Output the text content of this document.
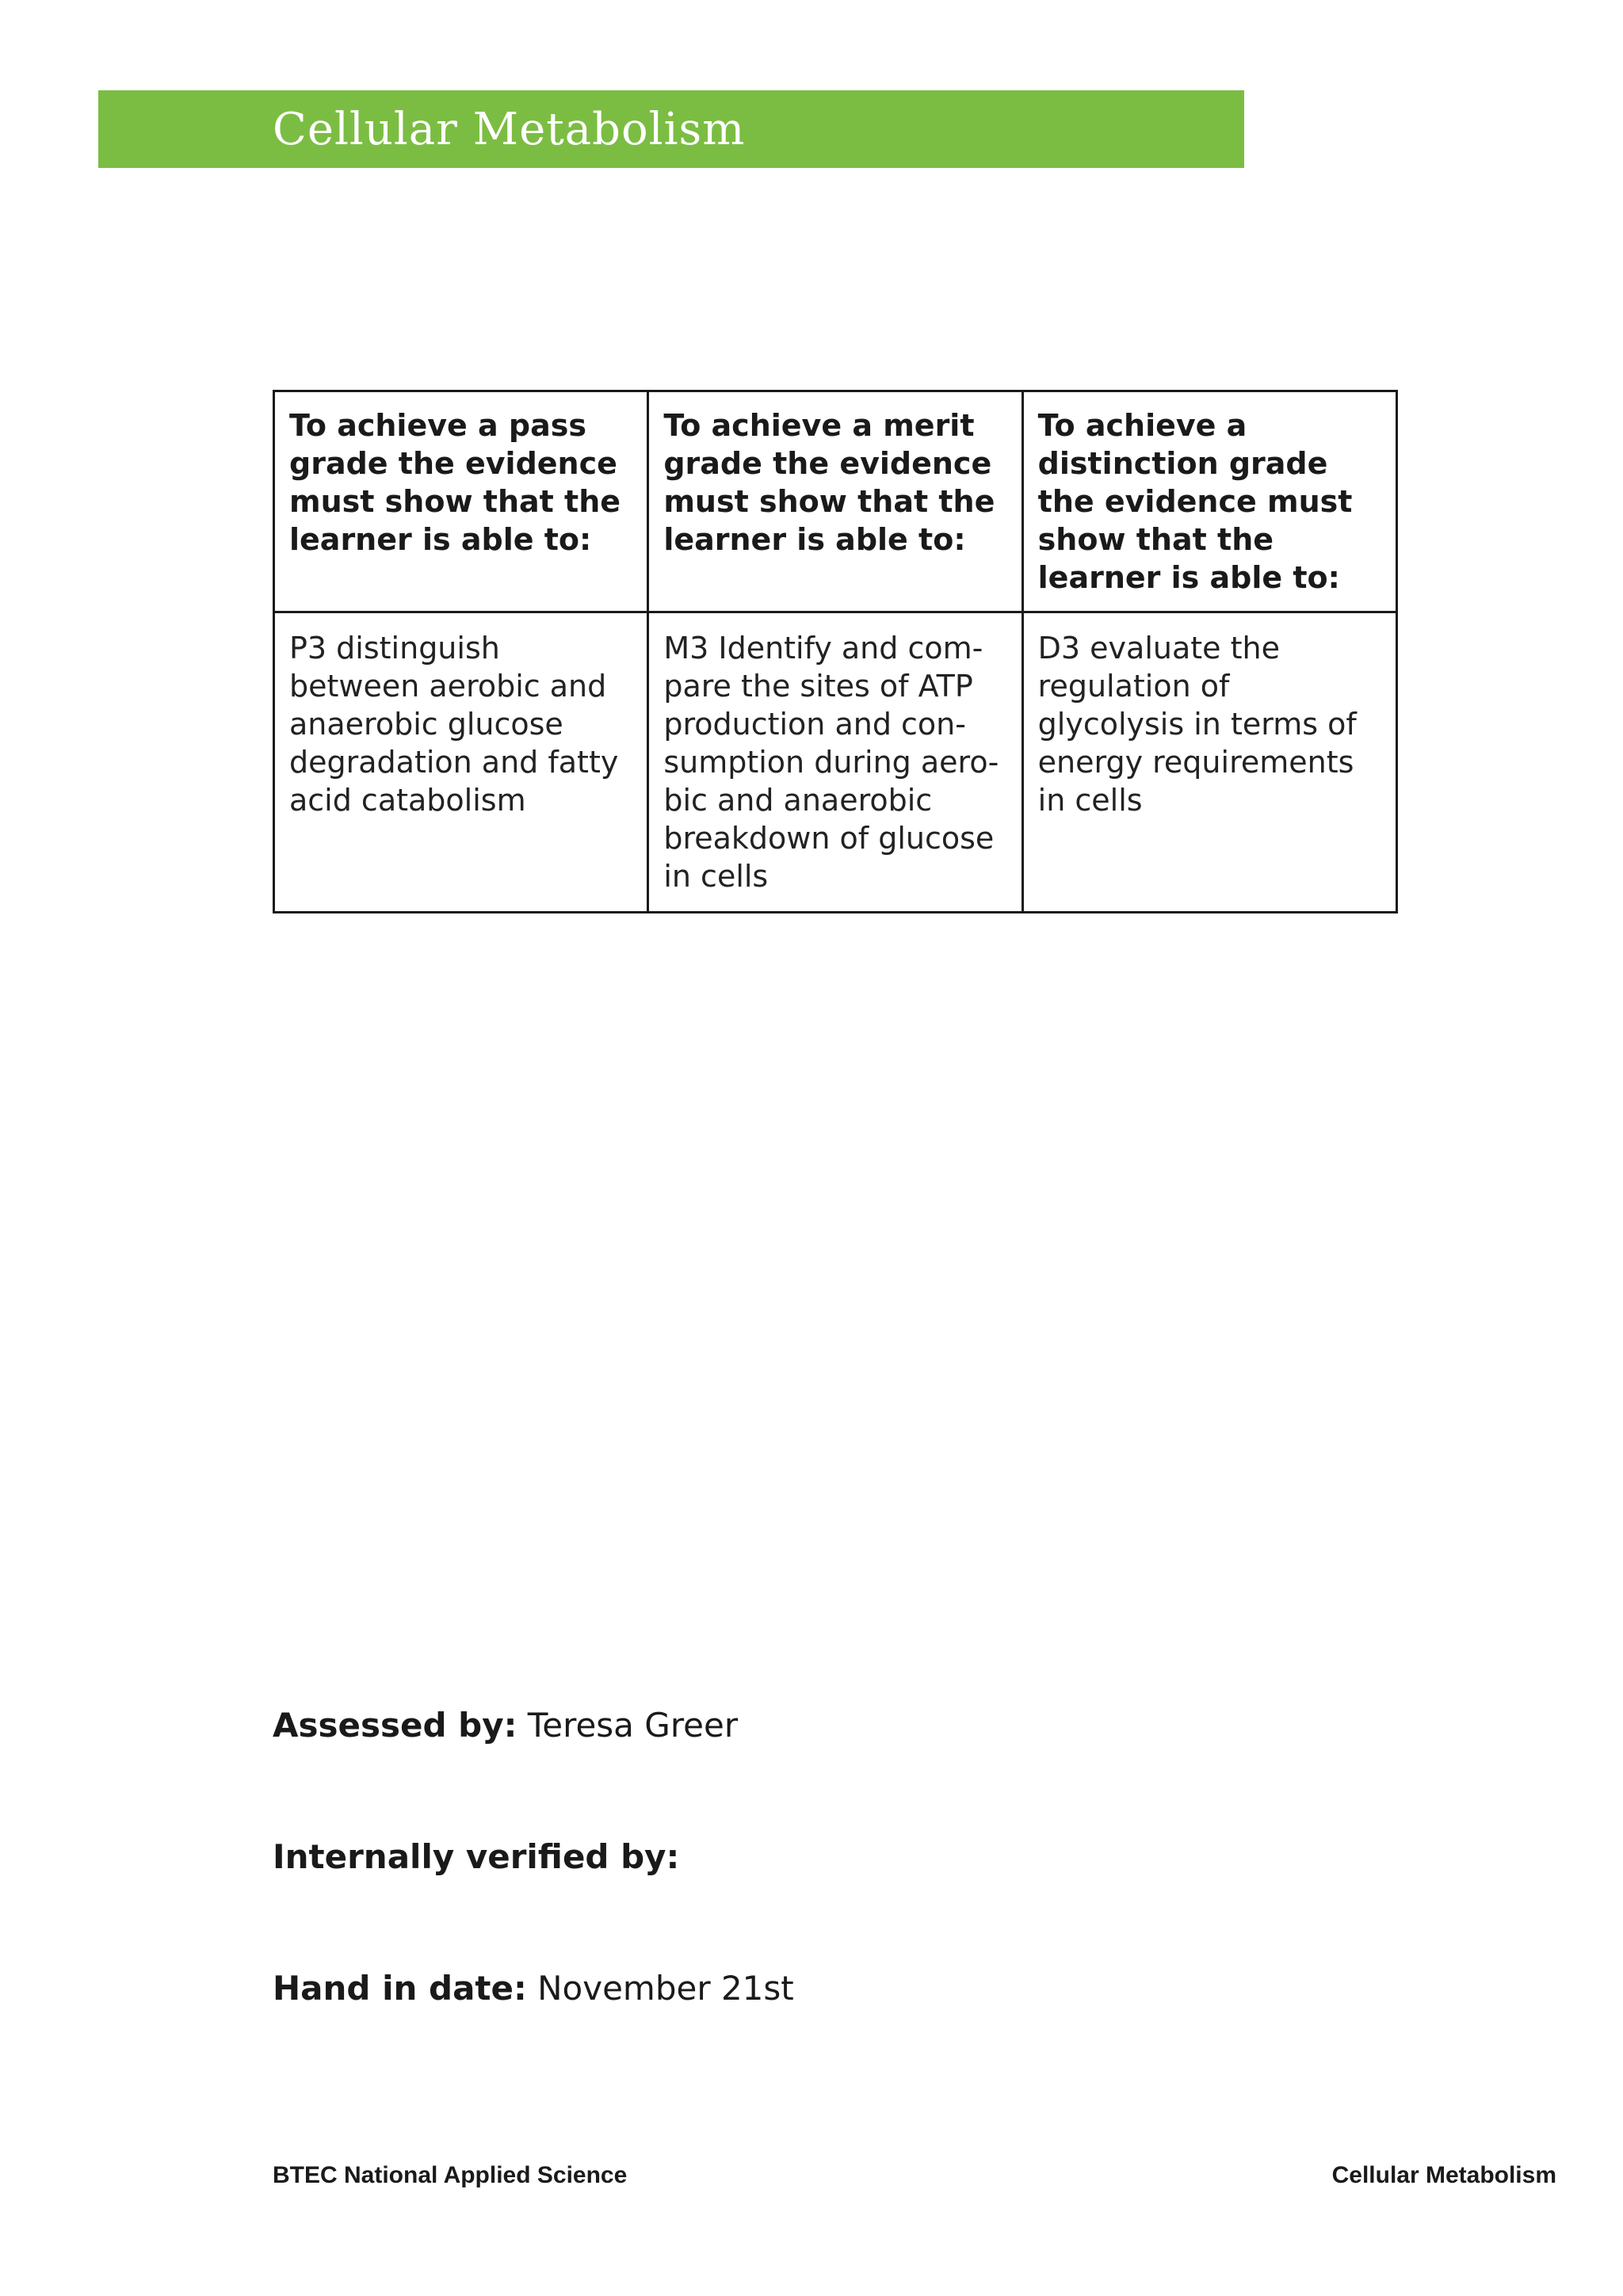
Cellular Metabolism
To achieve a pass grade the evidence must show that the learner is able to:	To achieve a merit grade the evidence must show that the learner is able to:	To achieve a distinction grade the evidence must show that the learner is able to:
P3 distinguish between aerobic and anaerobic glucose degradation and fatty acid catabolism	M3 Identify and compare the sites of ATP production and consumption during aerobic and anaerobic breakdown of glucose in cells	D3 evaluate the regulation of glycolysis in terms of energy requirements in cells
Assessed by: Teresa Greer
Internally verified by:
Hand in date: November 21st
BTEC National Applied Science	Cellular Metabolism
